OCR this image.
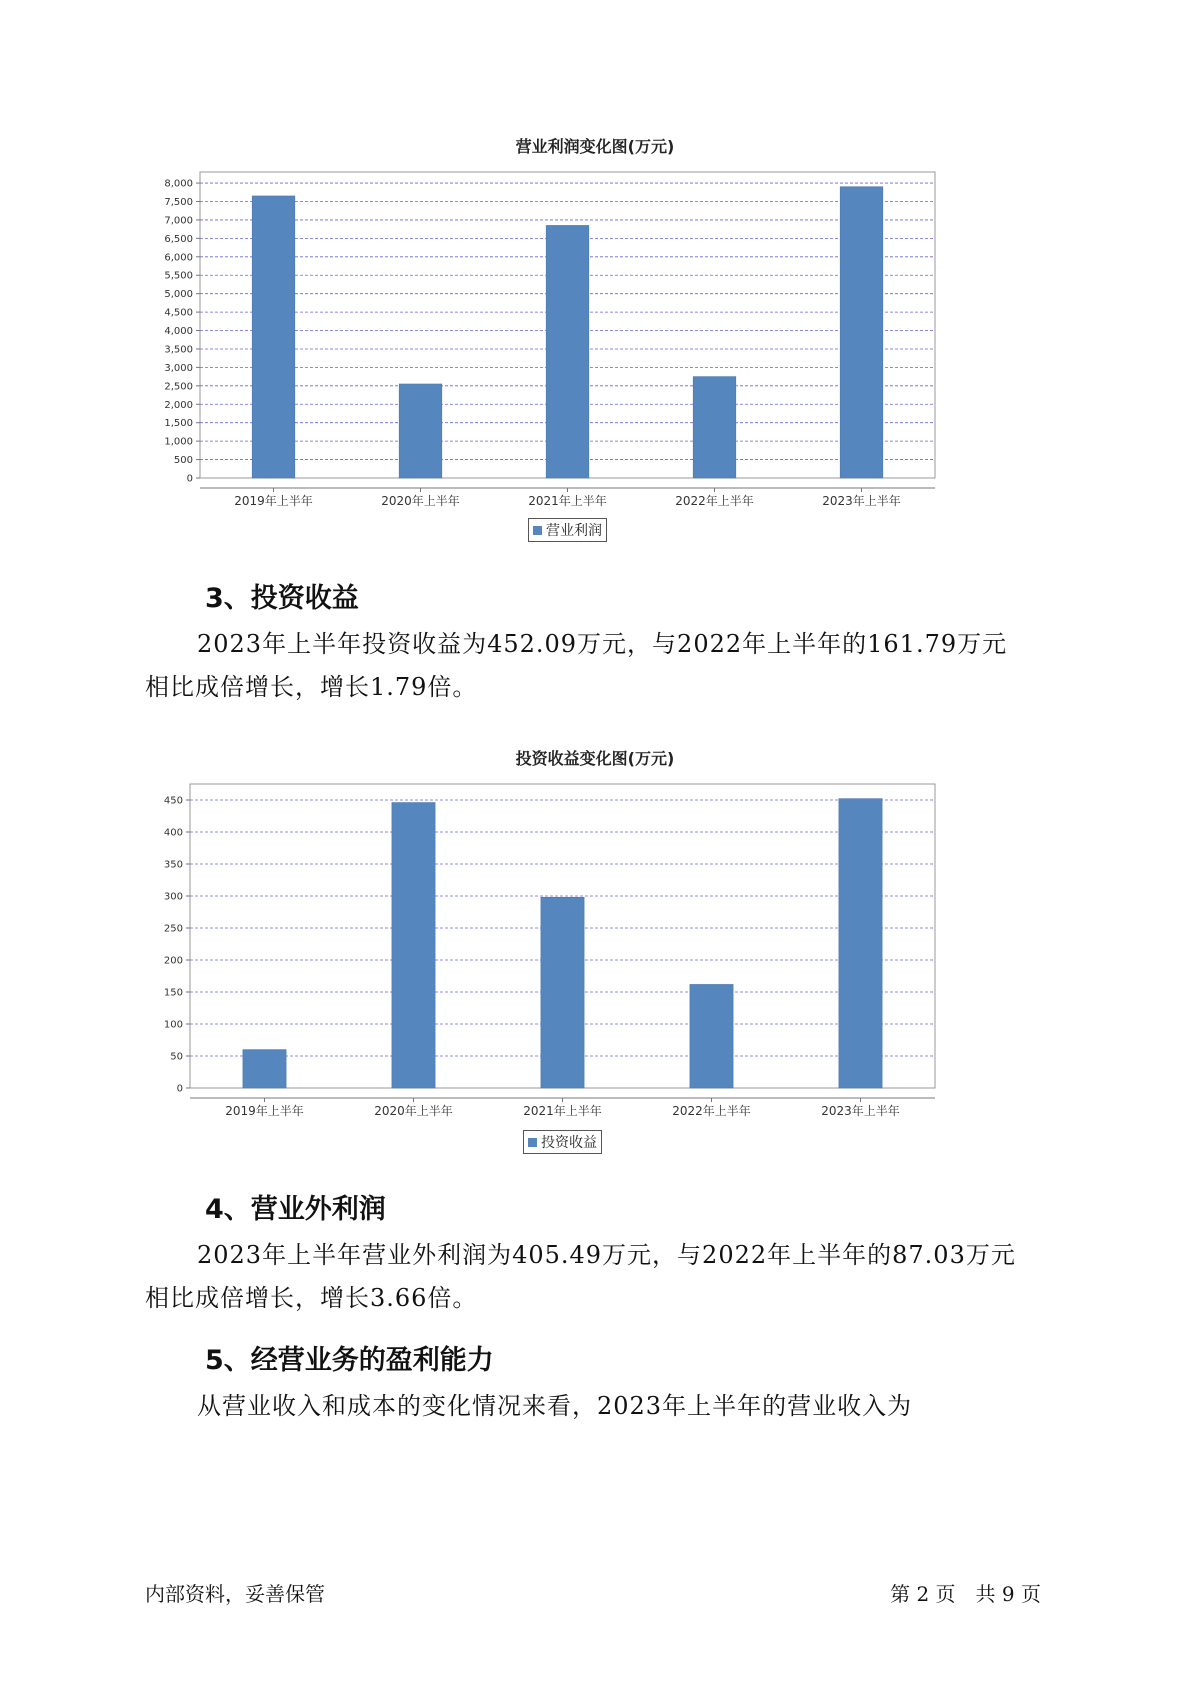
营业利润变化图(万元)
0
500
1,000
1,500
2,000
2,500
3,000
3,500
4,000
4,500
5,000
5,500
6,000
6,500
7,000
7,500
8,000
2019年上半年	2020年上半年	2021年上半年	2022年上半年	2023年上半年
营业利润
3、投资收益
2023年上半年投资收益为452.09万元，与2022年上半年的161.79万元
相比成倍增长，增长1.79倍。
投资收益变化图(万元)
0
50
100
150
200
250
300
350
400
450
2019年上半年	2020年上半年	2021年上半年	2022年上半年	2023年上半年
投资收益
4、营业外利润
2023年上半年营业外利润为405.49万元，与2022年上半年的87.03万元
相比成倍增长，增长3.66倍。
5、经营业务的盈利能力
从营业收入和成本的变化情况来看，2023年上半年的营业收入为
内部资料，妥善保管	第 2 页　共 9 页
